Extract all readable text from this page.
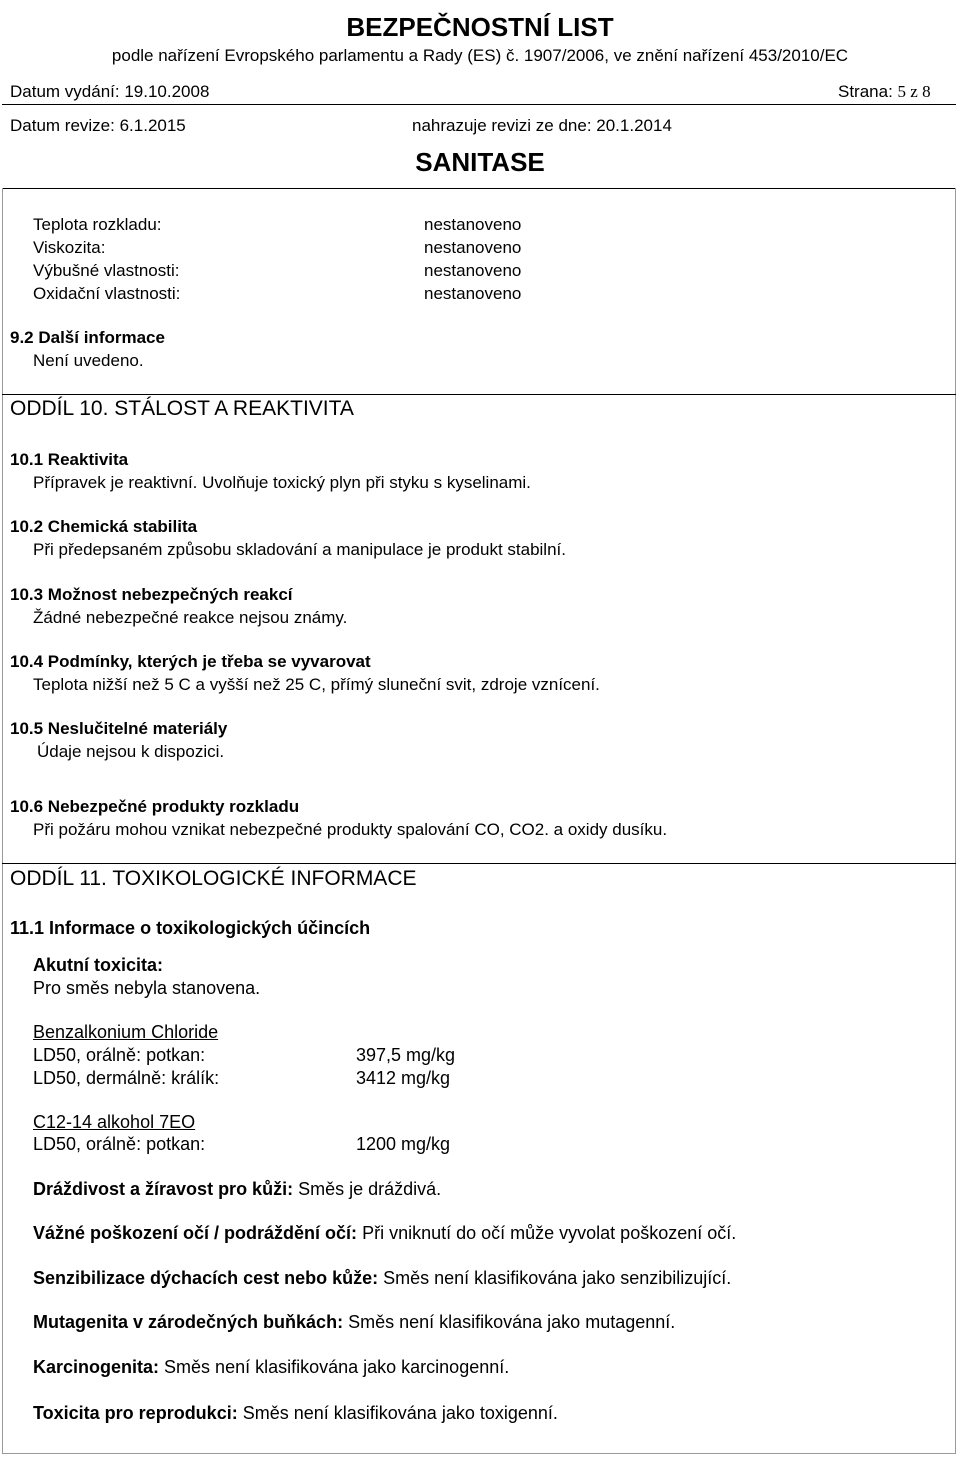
BEZPEČNOSTNÍ LIST
podle nařízení Evropského parlamentu a Rady (ES) č. 1907/2006, ve znění nařízení 453/2010/EC
Datum vydání: 19.10.2008	Strana: 5 z 8
Datum revize: 6.1.2015	nahrazuje revizi ze dne: 20.1.2014
SANITASE
Teplota rozkladu:	nestanoveno
Viskozita:	nestanoveno
Výbušné vlastnosti:	nestanoveno
Oxidační vlastnosti:	nestanoveno
9.2 Další informace
Není uvedeno.
ODDÍL 10. STÁLOST A REAKTIVITA
10.1 Reaktivita
Přípravek je reaktivní. Uvolňuje toxický plyn při styku s kyselinami.
10.2 Chemická stabilita
Při předepsaném způsobu skladování a manipulace je produkt stabilní.
10.3 Možnost nebezpečných reakcí
Žádné nebezpečné reakce nejsou známy.
10.4 Podmínky, kterých je třeba se vyvarovat
Teplota nižší než 5 C a vyšší než 25 C, přímý sluneční svit, zdroje vznícení.
10.5 Neslučitelné materiály
Údaje nejsou k dispozici.
10.6 Nebezpečné produkty rozkladu
Při požáru mohou vznikat nebezpečné produkty spalování CO, CO2. a oxidy dusíku.
ODDÍL 11. TOXIKOLOGICKÉ INFORMACE
11.1 Informace o toxikologických účincích
Akutní toxicita:
Pro směs nebyla stanovena.
Benzalkonium Chloride
LD50, orálně: potkan:	397,5 mg/kg
LD50, dermálně: králík:	3412 mg/kg
C12-14 alkohol 7EO
LD50, orálně: potkan:	1200 mg/kg
Dráždivost a žíravost pro kůži: Směs je dráždivá.
Vážné poškození očí / podráždění očí: Při vniknutí do očí může vyvolat poškození očí.
Senzibilizace dýchacích cest nebo kůže: Směs není klasifikována jako senzibilizující.
Mutagenita v zárodečných buňkách: Směs není klasifikována jako mutagenní.
Karcinogenita: Směs není klasifikována jako karcinogenní.
Toxicita pro reprodukci: Směs není klasifikována jako toxigenní.
